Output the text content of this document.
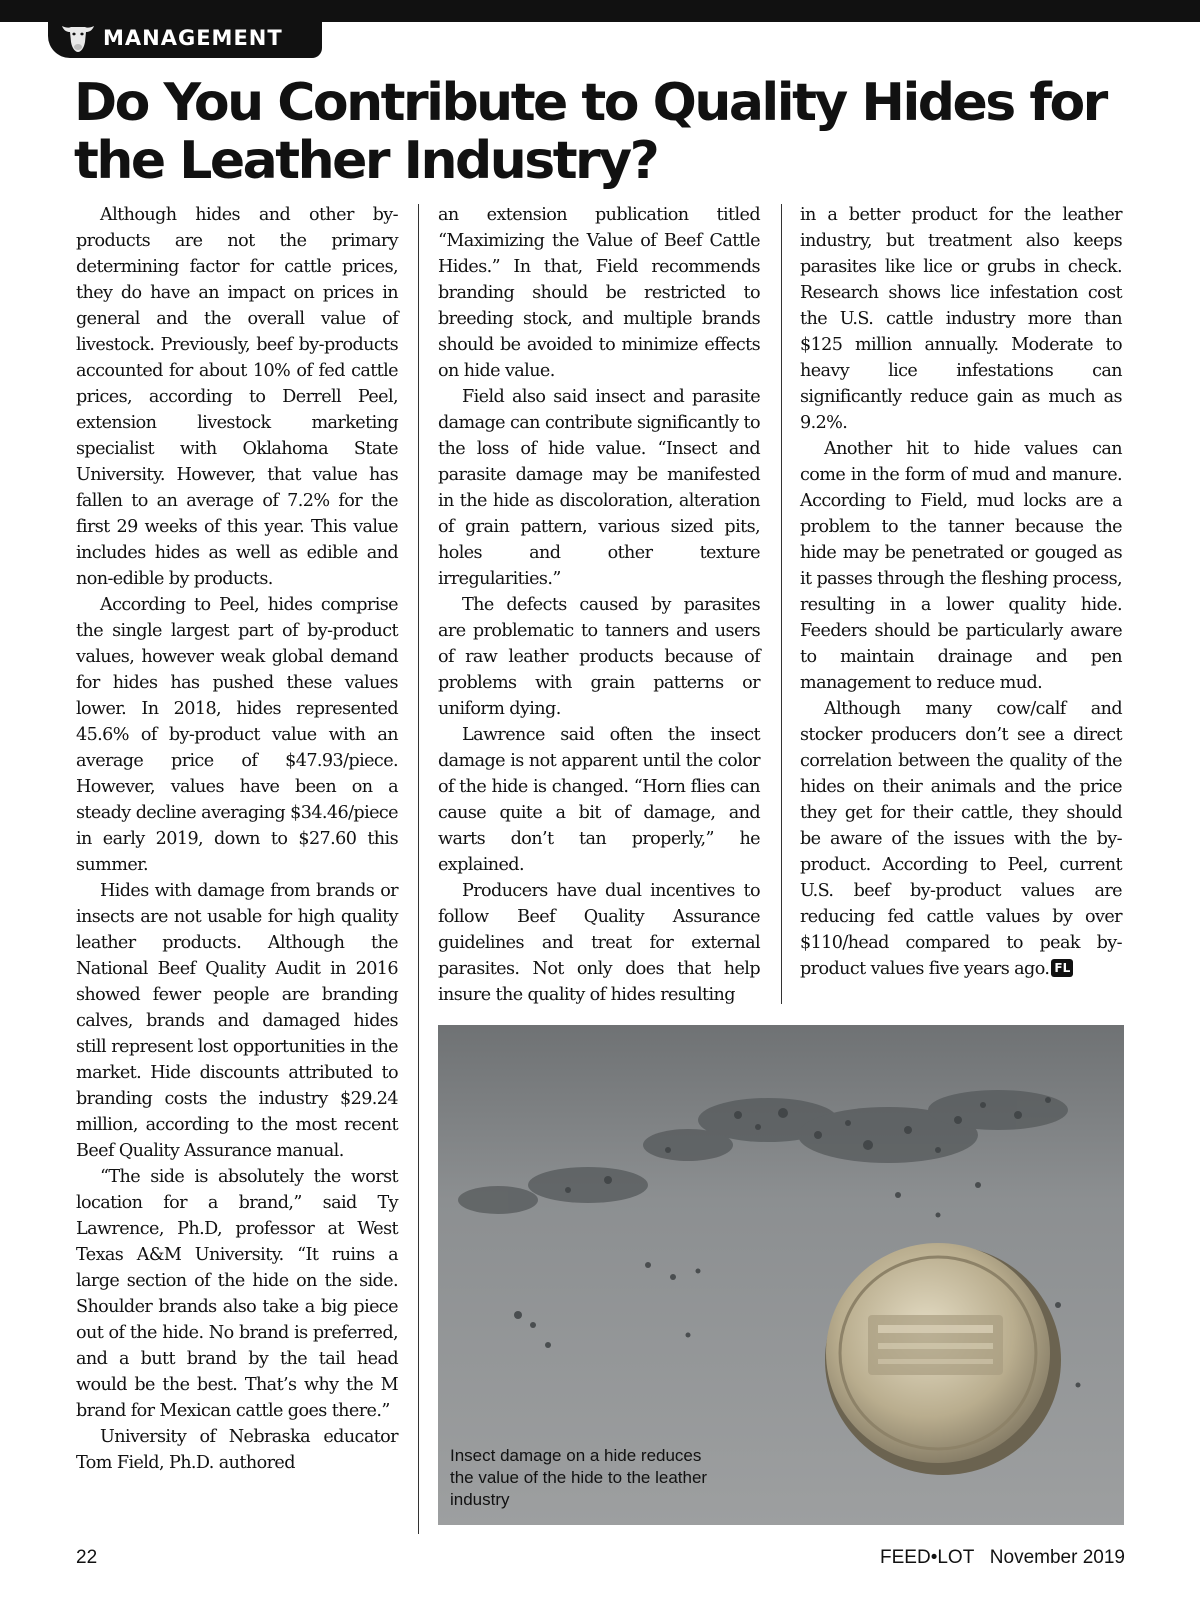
MANAGEMENT
Do You Contribute to Quality Hides for the Leather Industry?

Although hides and other by-products are not the primary determining factor for cattle prices, they do have an impact on prices in general and the overall value of livestock. Previously, beef by-products accounted for about 10% of fed cattle prices, according to Derrell Peel, extension livestock marketing specialist with Oklahoma State University. However, that value has fallen to an average of 7.2% for the first 29 weeks of this year. This value includes hides as well as edible and non-edible by products.

According to Peel, hides comprise the single largest part of by-product values, however weak global demand for hides has pushed these values lower. In 2018, hides represented 45.6% of by-product value with an average price of $47.93/piece. However, values have been on a steady decline averaging $34.46/piece in early 2019, down to $27.60 this summer.

Hides with damage from brands or insects are not usable for high quality leather products. Although the National Beef Quality Audit in 2016 showed fewer people are branding calves, brands and damaged hides still represent lost opportunities in the market. Hide discounts attributed to branding costs the industry $29.24 million, according to the most recent Beef Quality Assurance manual.

“The side is absolutely the worst location for a brand,” said Ty Lawrence, Ph.D, professor at West Texas A&M University. “It ruins a large section of the hide on the side. Shoulder brands also take a big piece out of the hide. No brand is preferred, and a butt brand by the tail head would be the best. That’s why the M brand for Mexican cattle goes there.”

University of Nebraska educator Tom Field, Ph.D. authored

an extension publication titled “Maximizing the Value of Beef Cattle Hides.” In that, Field recommends branding should be restricted to breeding stock, and multiple brands should be avoided to minimize effects on hide value.

Field also said insect and parasite damage can contribute significantly to the loss of hide value. “Insect and parasite damage may be manifested in the hide as discoloration, alteration of grain pattern, various sized pits, holes and other texture irregularities.”

The defects caused by parasites are problematic to tanners and users of raw leather products because of problems with grain patterns or uniform dying.

Lawrence said often the insect damage is not apparent until the color of the hide is changed. “Horn flies can cause quite a bit of damage, and warts don’t tan properly,” he explained.

Producers have dual incentives to follow Beef Quality Assurance guidelines and treat for external parasites. Not only does that help insure the quality of hides resulting

in a better product for the leather industry, but treatment also keeps parasites like lice or grubs in check. Research shows lice infestation cost the U.S. cattle industry more than $125 million annually. Moderate to heavy lice infestations can significantly reduce gain as much as 9.2%.

Another hit to hide values can come in the form of mud and manure. According to Field, mud locks are a problem to the tanner because the hide may be penetrated or gouged as it passes through the fleshing process, resulting in a lower quality hide. Feeders should be particularly aware to maintain drainage and pen management to reduce mud.

Although many cow/calf and stocker producers don’t see a direct correlation between the quality of the hides on their animals and the price they get for their cattle, they should be aware of the issues with the by-product. According to Peel, current U.S. beef by-product values are reducing fed cattle values by over $110/head compared to peak by-product values five years ago. FL

Insect damage on a hide reduces the value of the hide to the leather industry

22	FEED•LOT   November 2019
